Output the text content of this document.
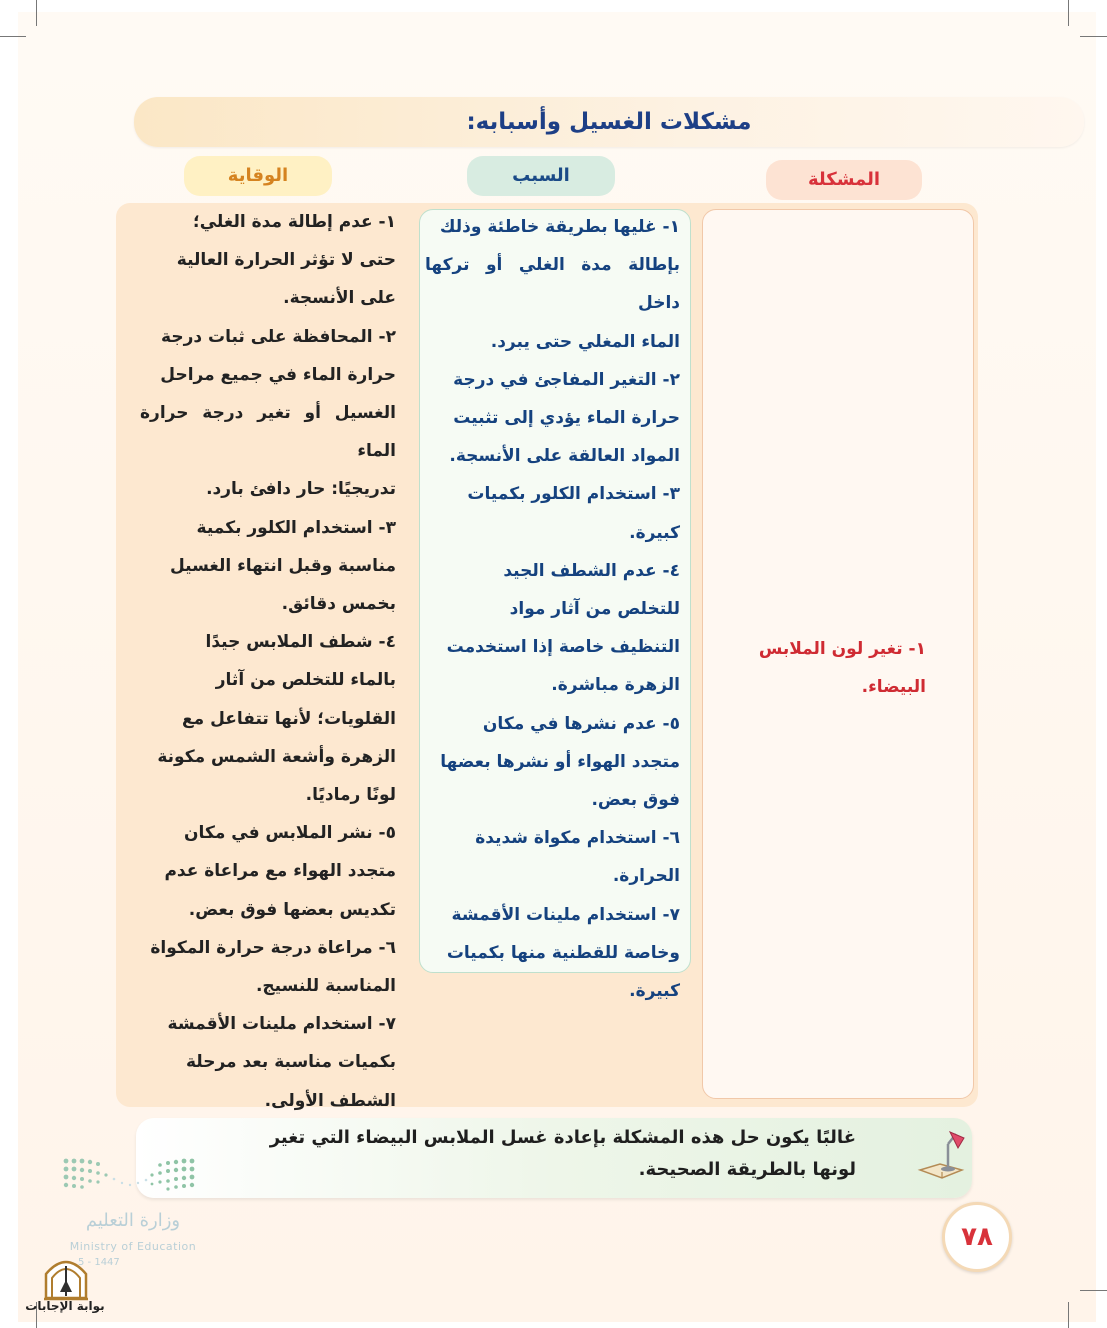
مشكلات الغسيل وأسبابه:
المشكلة
السبب
الوقاية
١- تغير لون الملابس
البيضاء.
١- غليها بطريقة خاطئة وذلك
بإطالة مدة الغلي أو تركها داخل
الماء المغلي حتى يبرد.
٢- التغير المفاجئ في درجة
حرارة الماء يؤدي إلى تثبيت
المواد العالقة على الأنسجة.
٣- استخدام الكلور بكميات
كبيرة.
٤- عدم الشطف الجيد
للتخلص من آثار مواد
التنظيف خاصة إذا استخدمت
الزهرة مباشرة.
٥- عدم نشرها في مكان
متجدد الهواء أو نشرها بعضها
فوق بعض.
٦- استخدام مكواة شديدة
الحرارة.
٧- استخدام ملينات الأقمشة
وخاصة للقطنية منها بكميات
كبيرة.
١- عدم إطالة مدة الغلي؛
حتى لا تؤثر الحرارة العالية
على الأنسجة.
٢- المحافظة على ثبات درجة
حرارة الماء في جميع مراحل
الغسيل أو تغير درجة حرارة الماء
تدريجيًا: حار دافئ بارد.
٣- استخدام الكلور بكمية
مناسبة وقبل انتهاء الغسيل
بخمس دقائق.
٤- شطف الملابس جيدًا
بالماء للتخلص من آثار
القلويات؛ لأنها تتفاعل مع
الزهرة وأشعة الشمس مكونة
لونًا رماديًا.
٥- نشر الملابس في مكان
متجدد الهواء مع مراعاة عدم
تكديس بعضها فوق بعض.
٦- مراعاة درجة حرارة المكواة
المناسبة للنسيج.
٧- استخدام ملينات الأقمشة
بكميات مناسبة بعد مرحلة
الشطف الأولى.
غالبًا يكون حل هذه المشكلة بإعادة غسل الملابس البيضاء التي تغير
لونها بالطريقة الصحيحة.
٧٨
وزارة التعليم
Ministry of Education
5 - 1447
بوابة الإجابات
